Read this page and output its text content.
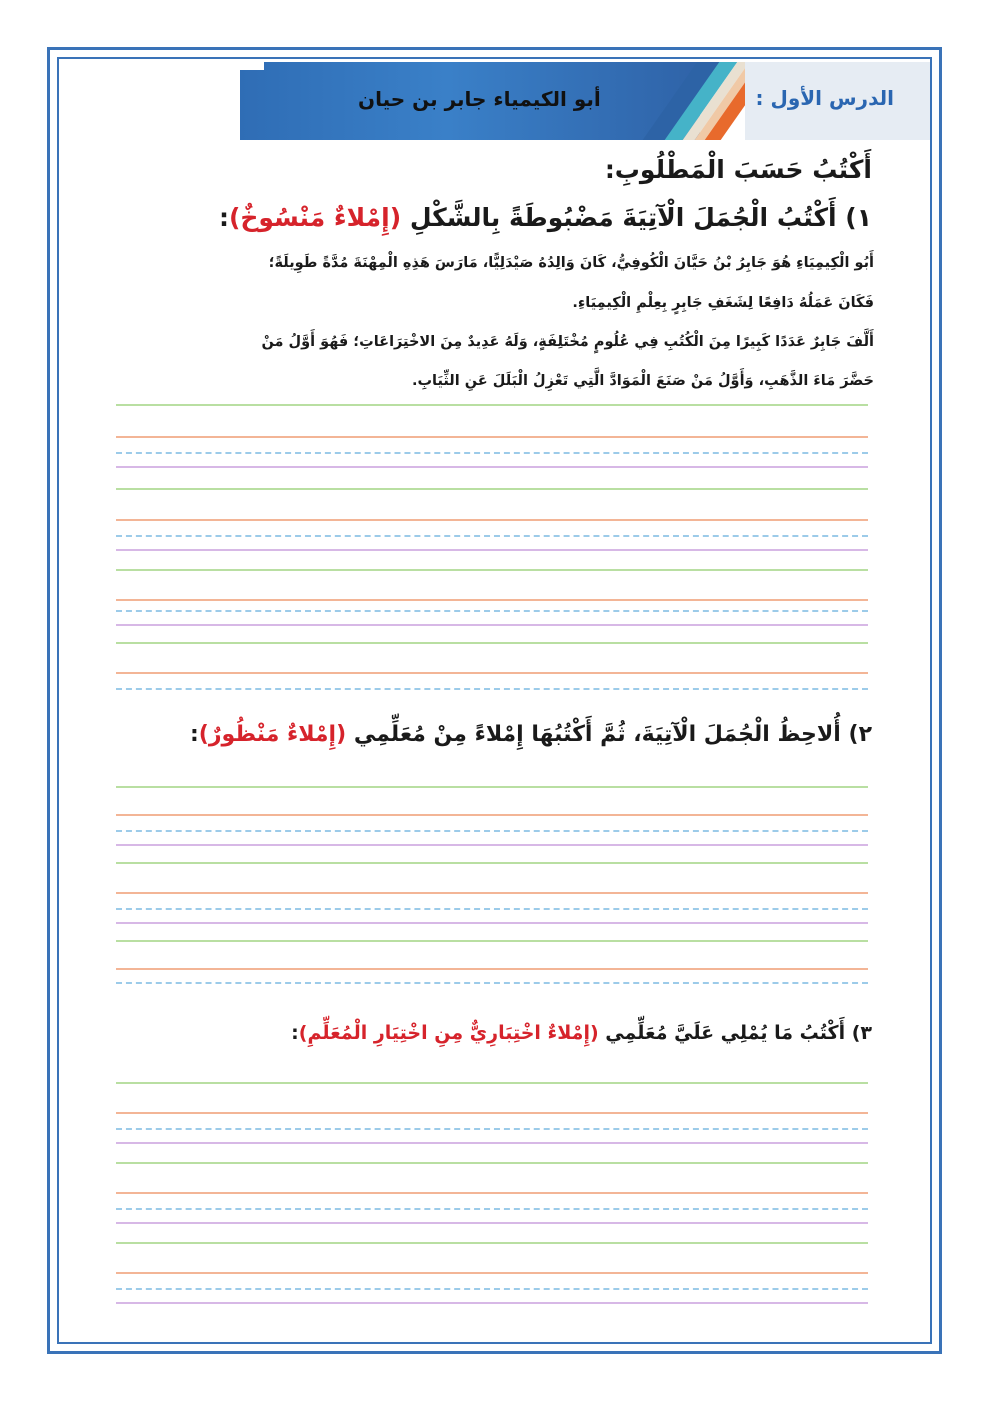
أبو الكيمياء جابر بن حيان	الدرس الأول :
أَكْتُبُ حَسَبَ الْمَطْلُوبِ:
١) أَكْتُبُ الْجُمَلَ الْآتِيَةَ مَضْبُوطَةً بِالشَّكْلِ (إِمْلاءٌ مَنْسُوخٌ):
أَبُو الْكِيمِيَاءِ هُوَ جَابِرُ بْنُ حَيَّانَ الْكُوفِيُّ، كَانَ وَالِدُهُ صَيْدَلِيًّا، مَارَسَ هَذِهِ الْمِهْنَةَ مُدَّةً طَوِيلَةً؛
فَكَانَ عَمَلُهُ دَافِعًا لِشَغَفِ جَابِرٍ بِعِلْمِ الْكِيمِيَاءِ.
أَلَّفَ جَابِرٌ عَدَدًا كَبِيرًا مِنَ الْكُتُبِ فِي عُلُومٍ مُخْتَلِفَةٍ، وَلَهُ عَدِيدٌ مِنَ الاخْتِرَاعَاتِ؛ فَهُوَ أَوَّلُ مَنْ
حَضَّرَ مَاءَ الذَّهَبِ، وَأَوَّلُ مَنْ صَنَعَ الْمَوَادَّ الَّتِي تَعْزِلُ الْبَلَلَ عَنِ الثِّيَابِ.
٢) أُلاحِظُ الْجُمَلَ الْآتِيَةَ، ثُمَّ أَكْتُبُهَا إِمْلاءً مِنْ مُعَلِّمِي (إِمْلاءٌ مَنْظُورٌ):
٣) أَكْتُبُ مَا يُمْلِي عَلَيَّ مُعَلِّمِي (إِمْلاءٌ اخْتِبَارِيٌّ مِنِ اخْتِيَارِ الْمُعَلِّمِ):
